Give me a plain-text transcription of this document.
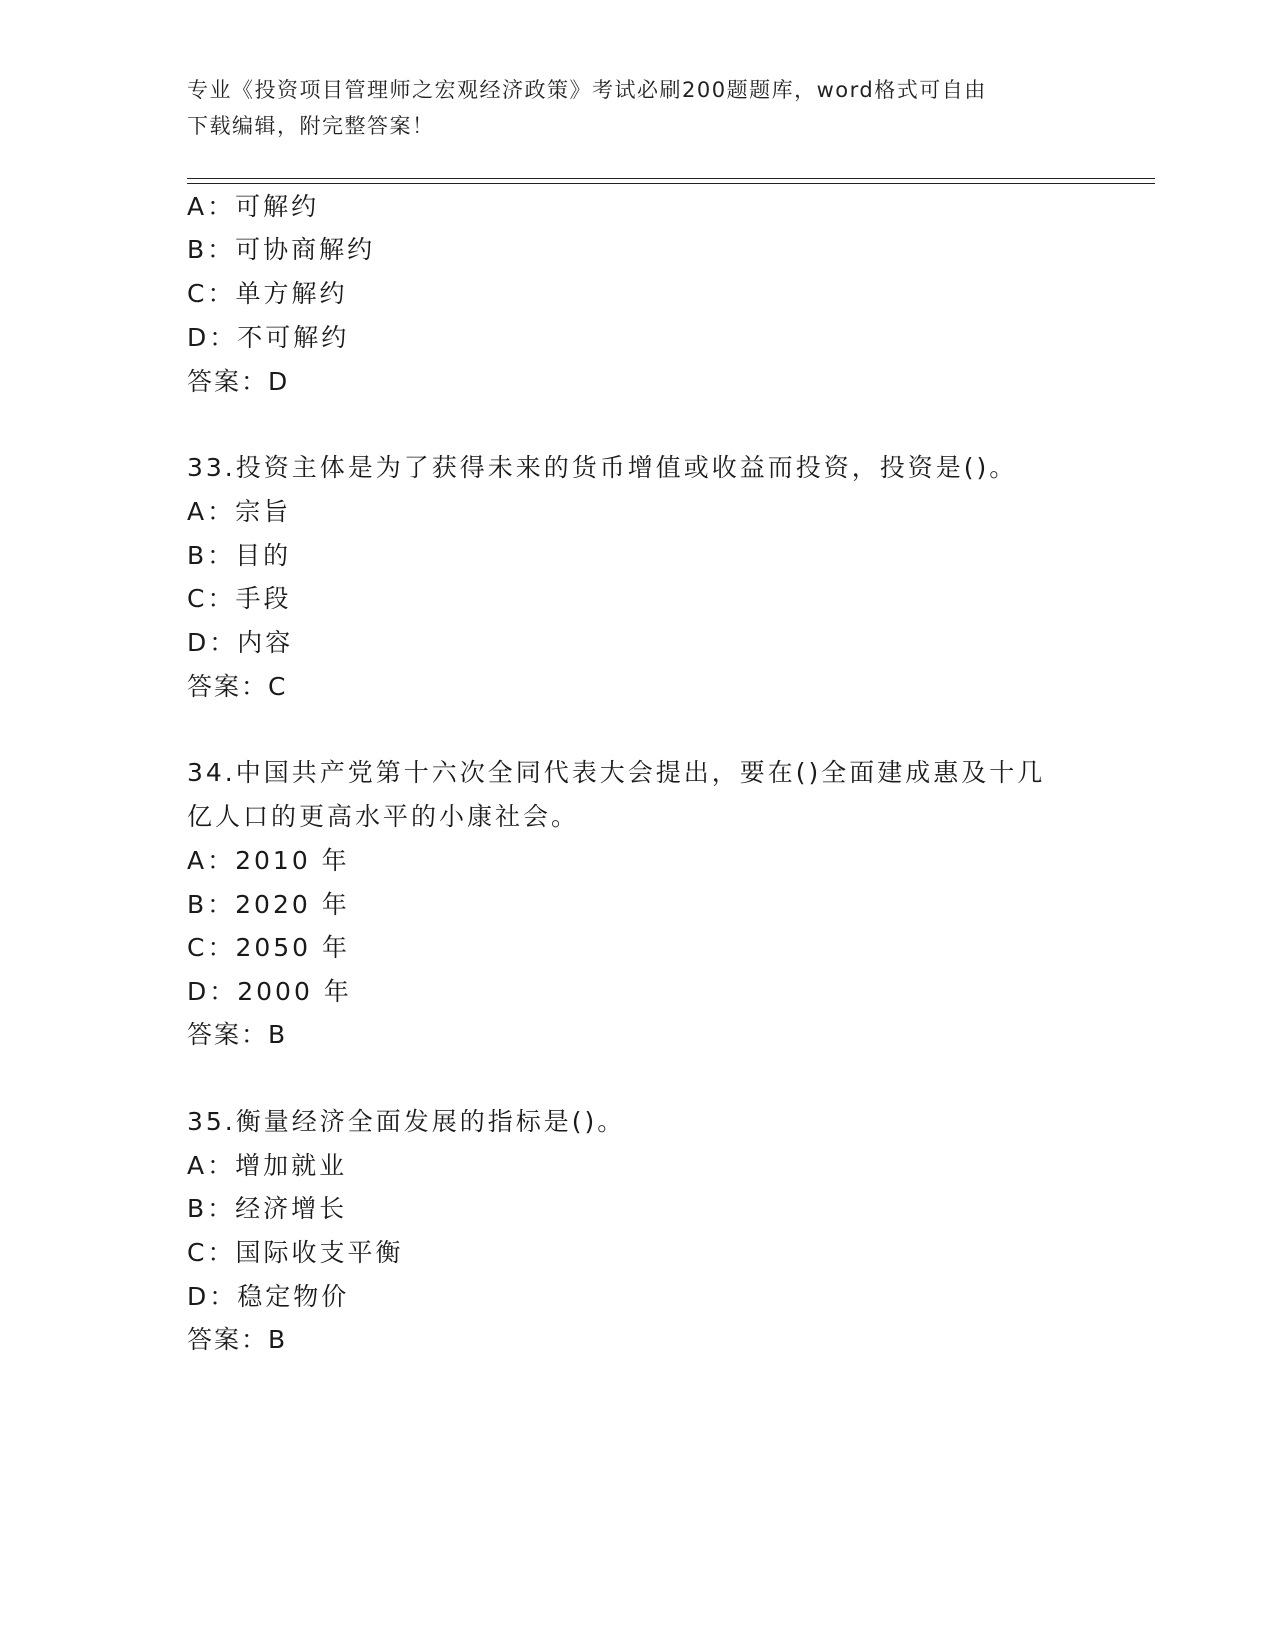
专业《投资项目管理师之宏观经济政策》考试必刷200题题库，word格式可自由
下载编辑，附完整答案！
A：可解约
B：可协商解约
C：单方解约
D：不可解约
答案：D
33.投资主体是为了获得未来的货币增值或收益而投资，投资是()。
A：宗旨
B：目的
C：手段
D：内容
答案：C
34.中国共产党第十六次全同代表大会提出，要在()全面建成惠及十几
亿人口的更高水平的小康社会。
A：2010 年
B：2020 年
C：2050 年
D：2000 年
答案：B
35.衡量经济全面发展的指标是()。
A：增加就业
B：经济增长
C：国际收支平衡
D：稳定物价
答案：B
